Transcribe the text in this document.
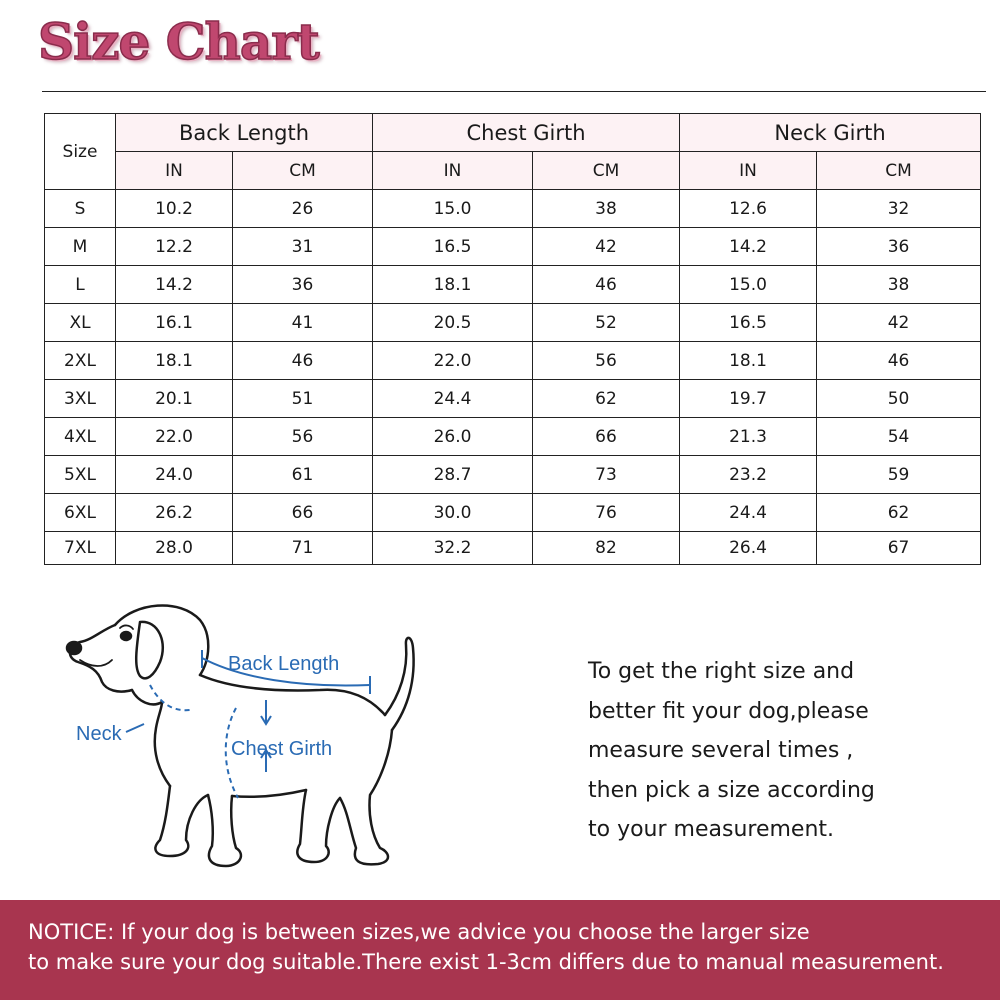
Size Chart
Size	Back Length		Chest Girth		Neck Girth	
	IN	CM	IN	CM	IN	CM
S	10.2	26	15.0	38	12.6	32
M	12.2	31	16.5	42	14.2	36
L	14.2	36	18.1	46	15.0	38
XL	16.1	41	20.5	52	16.5	42
2XL	18.1	46	22.0	56	18.1	46
3XL	20.1	51	24.4	62	19.7	50
4XL	22.0	56	26.0	66	21.3	54
5XL	24.0	61	28.7	73	23.2	59
6XL	26.2	66	30.0	76	24.4	62
7XL	28.0	71	32.2	82	26.4	67
Back Length
Neck
Chest Girth
To get the right size and
better fit your dog,please
measure several times ,
then pick a size according
to your measurement.
NOTICE: If your dog is between sizes,we advice you choose the larger size
to make sure your dog suitable.There exist 1-3cm differs due to manual measurement.
